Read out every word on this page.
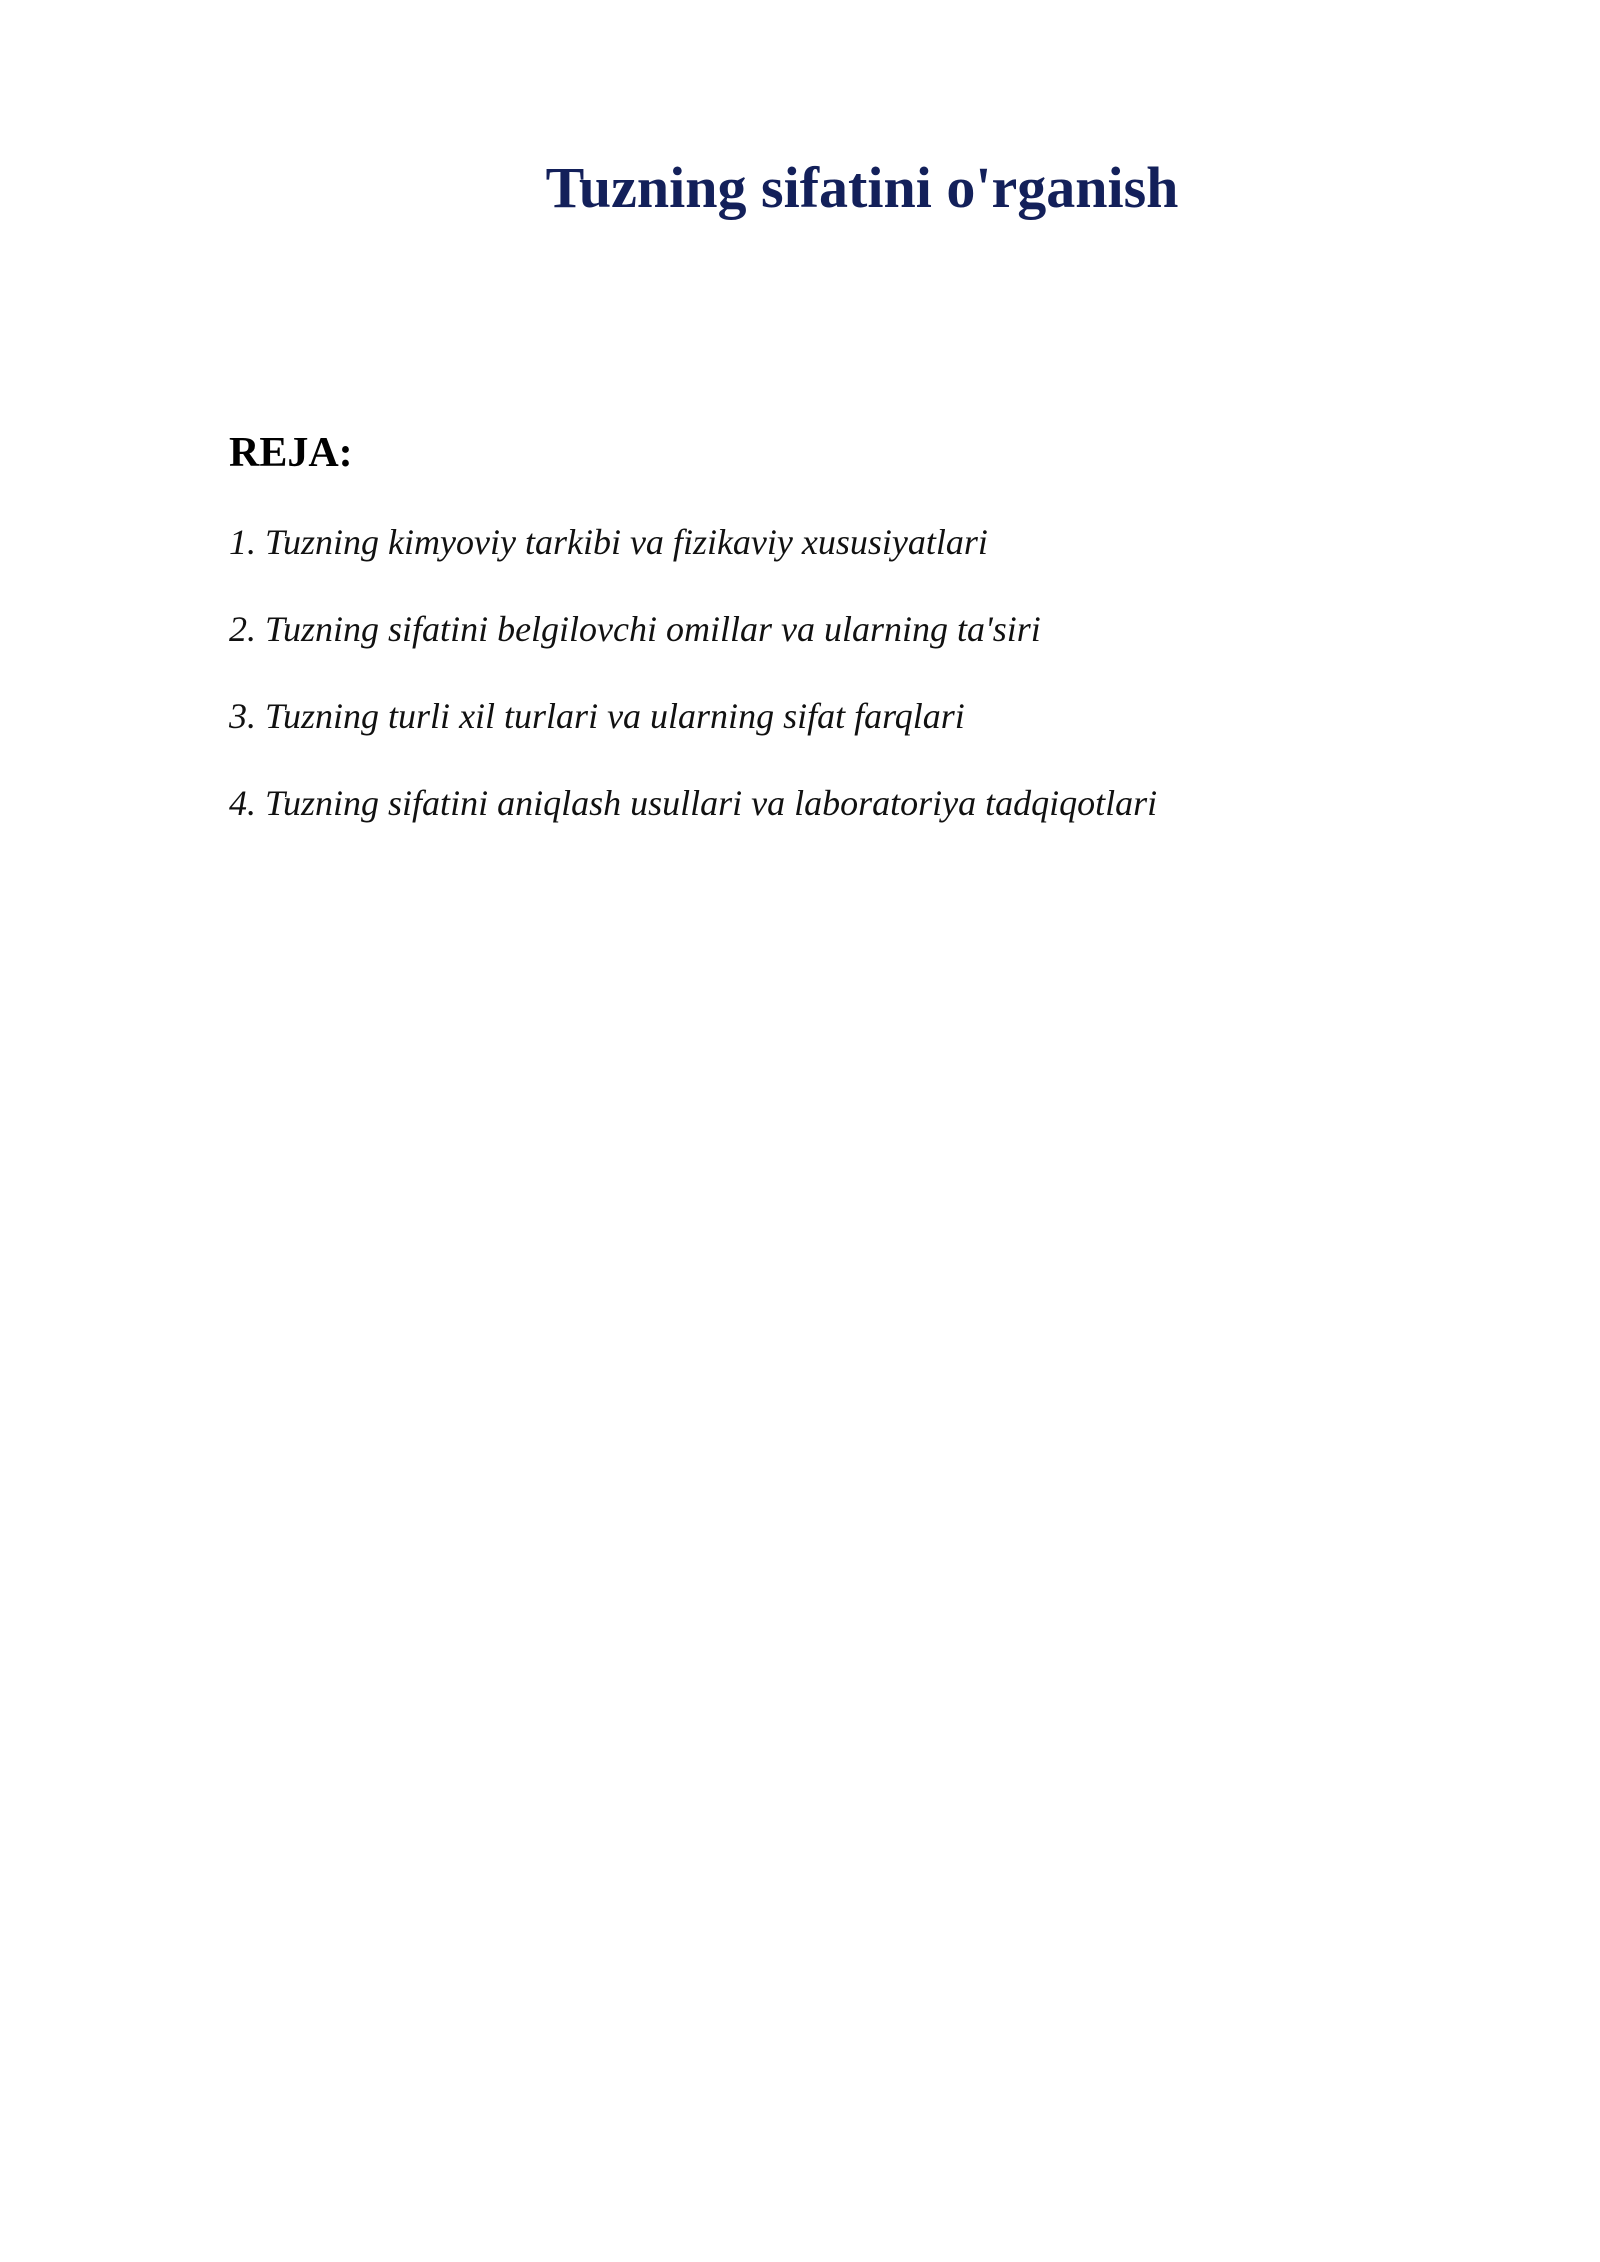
Tuzning sifatini o'rganish
REJA:
1. Tuzning kimyoviy tarkibi va fizikaviy xususiyatlari
2. Tuzning sifatini belgilovchi omillar va ularning ta'siri
3. Tuzning turli xil turlari va ularning sifat farqlari
4. Tuzning sifatini aniqlash usullari va laboratoriya tadqiqotlari
